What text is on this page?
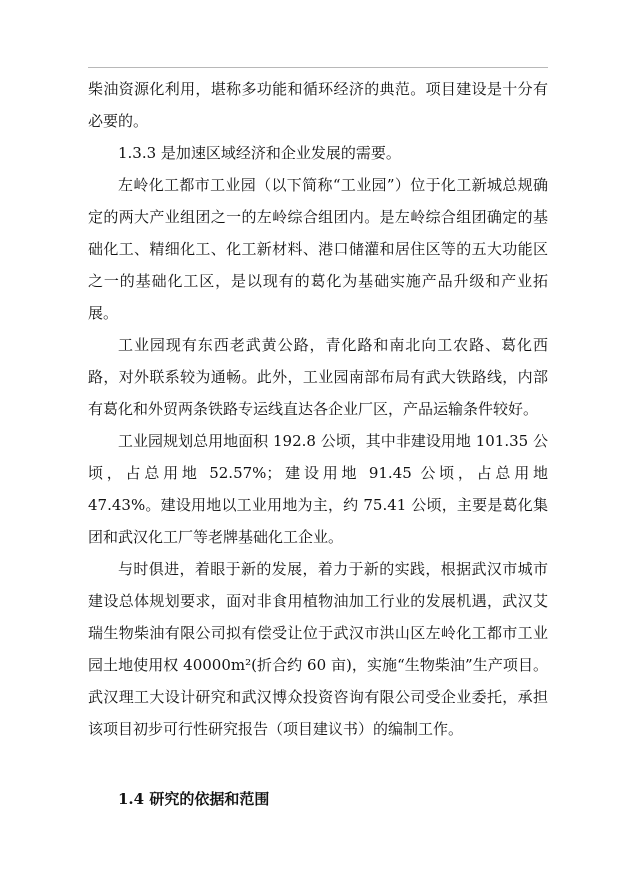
柴油资源化利用，堪称多功能和循环经济的典范。项目建设是十分有必要的。

1.3.3 是加速区域经济和企业发展的需要。

左岭化工都市工业园（以下简称“工业园”）位于化工新城总规确定的两大产业组团之一的左岭综合组团内。是左岭综合组团确定的基础化工、精细化工、化工新材料、港口储灌和居住区等的五大功能区之一的基础化工区，是以现有的葛化为基础实施产品升级和产业拓展。

工业园现有东西老武黄公路，青化路和南北向工农路、葛化西路，对外联系较为通畅。此外，工业园南部布局有武大铁路线，内部有葛化和外贸两条铁路专运线直达各企业厂区，产品运输条件较好。

工业园规划总用地面积 192.8 公顷，其中非建设用地 101.35 公顷，占总用地 52.57%；建设用地 91.45 公顷，占总用地 47.43%。建设用地以工业用地为主，约 75.41 公顷，主要是葛化集团和武汉化工厂等老牌基础化工企业。

与时俱进，着眼于新的发展，着力于新的实践，根据武汉市城市建设总体规划要求，面对非食用植物油加工行业的发展机遇，武汉艾瑞生物柴油有限公司拟有偿受让位于武汉市洪山区左岭化工都市工业园土地使用权 40000m²(折合约 60 亩)，实施“生物柴油”生产项目。武汉理工大设计研究和武汉博众投资咨询有限公司受企业委托，承担该项目初步可行性研究报告（项目建议书）的编制工作。

1.4 研究的依据和范围
